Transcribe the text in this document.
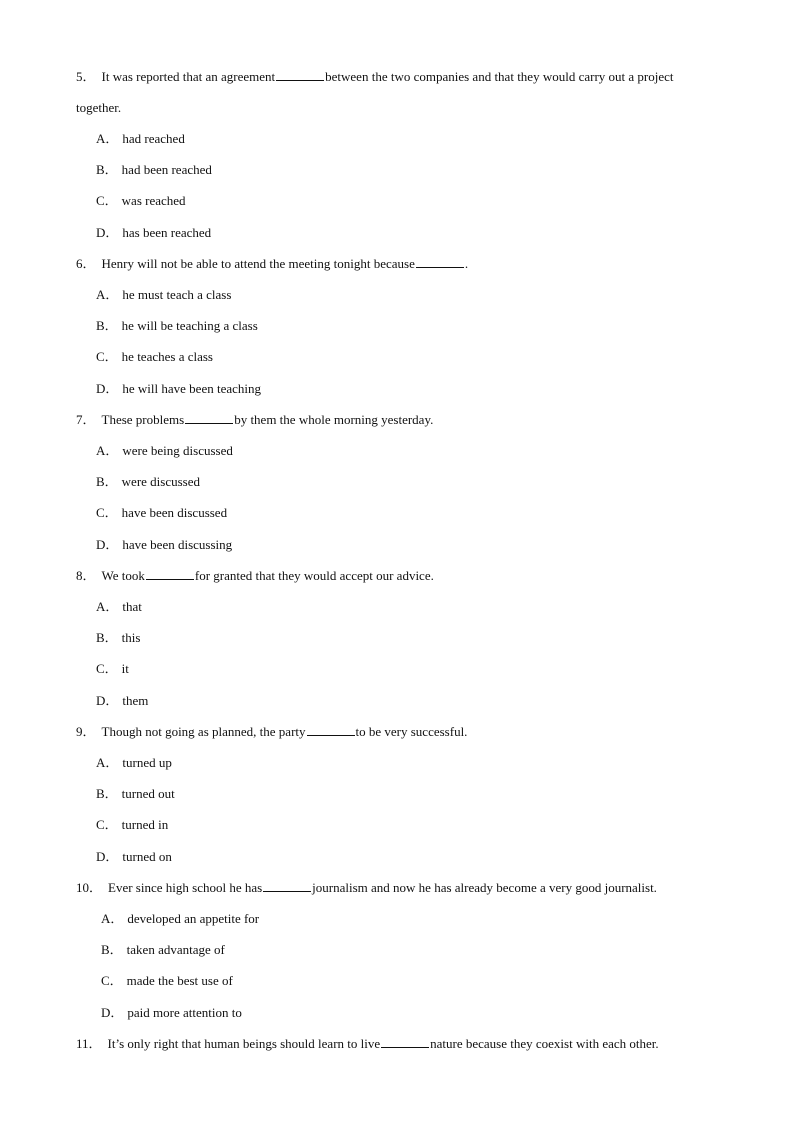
5． It was reported that an agreement	between the two companies and that they would carry out a project
together.
A． had reached
B． had been reached
C． was reached
D． has been reached
6． Henry will not be able to attend the meeting tonight because	.
A． he must teach a class
B． he will be teaching a class
C． he teaches a class
D． he will have been teaching
7． These problems	by them the whole morning yesterday.
A． were being discussed
B． were discussed
C． have been discussed
D． have been discussing
8． We took	for granted that they would accept our advice.
A． that
B． this
C． it
D． them
9． Though not going as planned, the party	to be very successful.
A． turned up
B． turned out
C． turned in
D． turned on
10． Ever since high school he has	journalism and now he has already become a very good journalist.
A． developed an appetite for
B． taken advantage of
C． made the best use of
D． paid more attention to
11． It’s only right that human beings should learn to live	nature because they coexist with each other.
